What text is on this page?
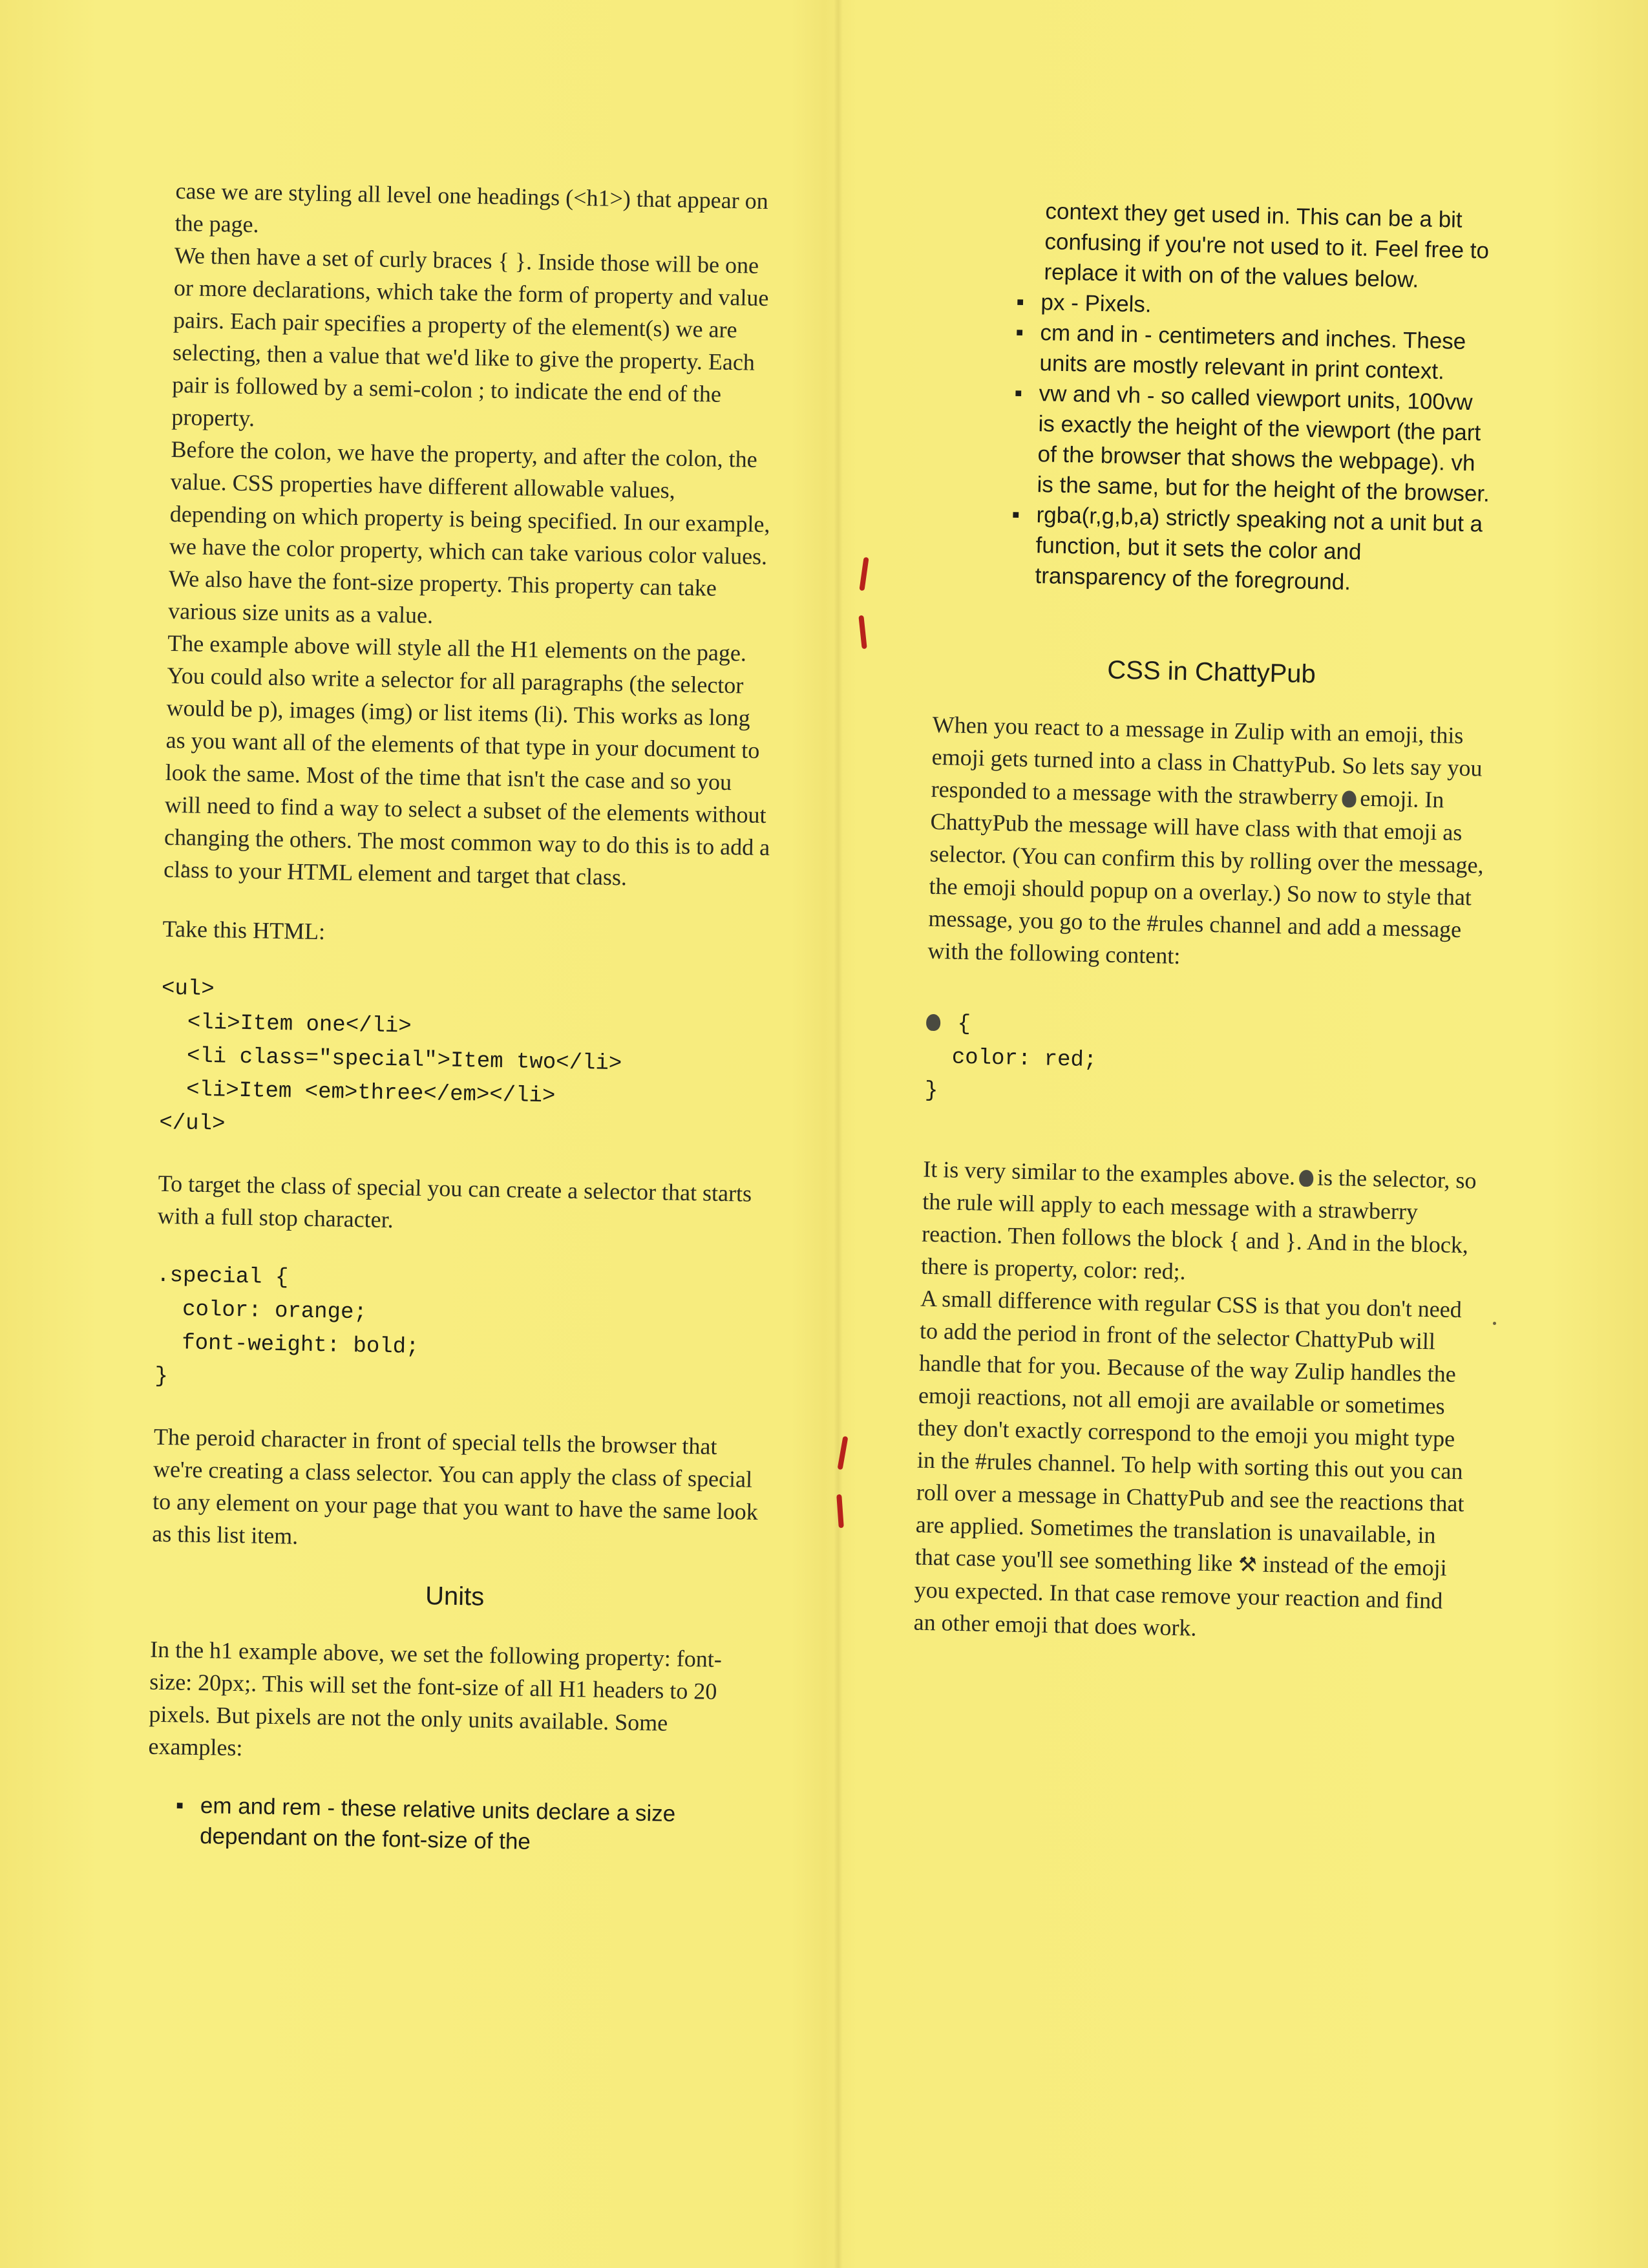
case we are styling all level one headings (<h1>) that appear on the page.

We then have a set of curly braces { }. Inside those will be one or more declarations, which take the form of property and value pairs. Each pair specifies a property of the element(s) we are selecting, then a value that we'd like to give the property. Each pair is followed by a semi-colon ; to indicate the end of the property.

Before the colon, we have the property, and after the colon, the value. CSS properties have different allowable values, depending on which property is being specified. In our example, we have the color property, which can take various color values. We also have the font-size property. This property can take various size units as a value.

The example above will style all the H1 elements on the page. You could also write a selector for all paragraphs (the selector would be p), images (img) or list items (li). This works as long as you want all of the elements of that type in your document to look the same. Most of the time that isn't the case and so you will need to find a way to select a subset of the elements without changing the others. The most common way to do this is to add a class to your HTML element and target that class.

Take this HTML:

<ul>
<li>Item one</li>
<li class="special">Item two</li>
<li>Item <em>three</em></li>
</ul>

To target the class of special you can create a selector that starts with a full stop character.

.special {
color: orange;
font-weight: bold;
}

The peroid character in front of special tells the browser that we're creating a class selector. You can apply the class of special to any element on your page that you want to have the same look as this list item.

Units

In the h1 example above, we set the following property: font-size: 20px;. This will set the font-size of all H1 headers to 20 pixels. But pixels are not the only units available. Some examples:

▪ em and rem - these relative units declare a size dependant on the font-size of the
context they get used in. This can be a bit confusing if you're not used to it. Feel free to replace it with on of the values below.
▪ px - Pixels.
▪ cm and in - centimeters and inches. These units are mostly relevant in print context.
▪ vw and vh - so called viewport units, 100vw is exactly the height of the viewport (the part of the browser that shows the webpage). vh is the same, but for the height of the browser.
▪ rgba(r,g,b,a) strictly speaking not a unit but a function, but it sets the color and transparency of the foreground.
CSS in ChattyPub

When you react to a message in Zulip with an emoji, this emoji gets turned into a class in ChattyPub. So lets say you responded to a message with the strawberry emoji. In ChattyPub the message will have class with that emoji as selector. (You can confirm this by rolling over the message, the emoji should popup on a overlay.) So now to style that message, you go to the #rules channel and add a message with the following content:

{
color: red;
}

It is very similar to the examples above. is the selector, so the rule will apply to each message with a strawberry reaction. Then follows the block { and }. And in the block, there is property, color: red;.

A small difference with regular CSS is that you don't need to add the period in front of the selector ChattyPub will handle that for you. Because of the way Zulip handles the emoji reactions, not all emoji are available or sometimes they don't exactly correspond to the emoji you might type in the #rules channel. To help with sorting this out you can roll over a message in ChattyPub and see the reactions that are applied. Sometimes the translation is unavailable, in that case you'll see something like ⚒ instead of the emoji you expected. In that case remove your reaction and find an other emoji that does work.
